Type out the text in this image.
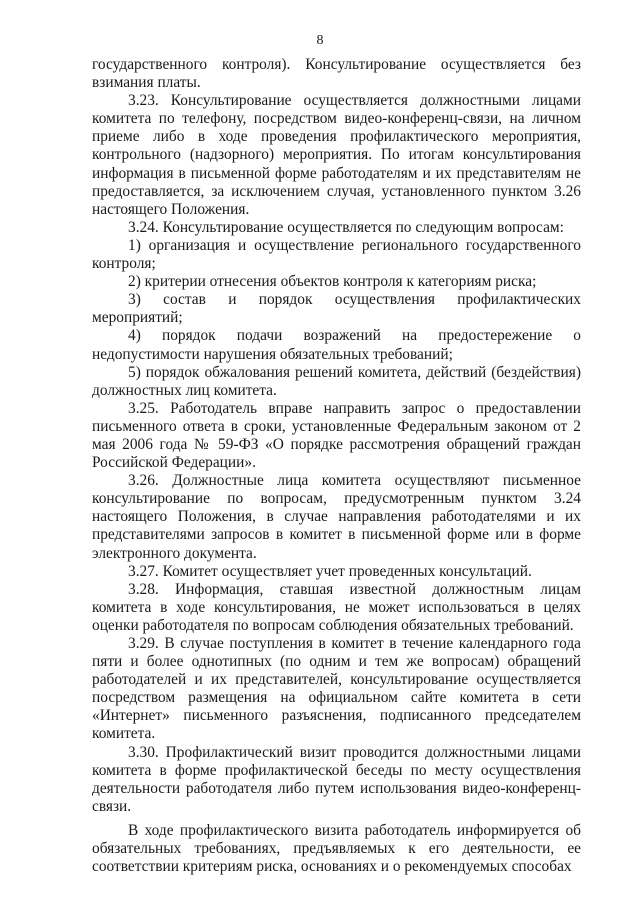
8

государственного контроля). Консультирование осуществляется без взимания платы.

3.23. Консультирование осуществляется должностными лицами комитета по телефону, посредством видео-конференц-связи, на личном приеме либо в ходе проведения профилактического мероприятия, контрольного (надзорного) мероприятия. По итогам консультирования информация в письменной форме работодателям и их представителям не предоставляется, за исключением случая, установленного пунктом 3.26 настоящего Положения.

3.24. Консультирование осуществляется по следующим вопросам:

1) организация и осуществление регионального государственного контроля;

2) критерии отнесения объектов контроля к категориям риска;

3) состав и порядок осуществления профилактических мероприятий;

4) порядок подачи возражений на предостережение о недопустимости нарушения обязательных требований;

5) порядок обжалования решений комитета, действий (бездействия) должностных лиц комитета.

3.25. Работодатель вправе направить запрос о предоставлении письменного ответа в сроки, установленные Федеральным законом от 2 мая 2006 года № 59-ФЗ «О порядке рассмотрения обращений граждан Российской Федерации».

3.26. Должностные лица комитета осуществляют письменное консультирование по вопросам, предусмотренным пунктом 3.24 настоящего Положения, в случае направления работодателями и их представителями запросов в комитет в письменной форме или в форме электронного документа.

3.27. Комитет осуществляет учет проведенных консультаций.

3.28. Информация, ставшая известной должностным лицам комитета в ходе консультирования, не может использоваться в целях оценки работодателя по вопросам соблюдения обязательных требований.

3.29. В случае поступления в комитет в течение календарного года пяти и более однотипных (по одним и тем же вопросам) обращений работодателей и их представителей, консультирование осуществляется посредством размещения на официальном сайте комитета в сети «Интернет» письменного разъяснения, подписанного председателем комитета.

3.30. Профилактический визит проводится должностными лицами комитета в форме профилактической беседы по месту осуществления деятельности работодателя либо путем использования видео-конференц-связи.

В ходе профилактического визита работодатель информируется об обязательных требованиях, предъявляемых к его деятельности, ее соответствии критериям риска, основаниях и о рекомендуемых способах
